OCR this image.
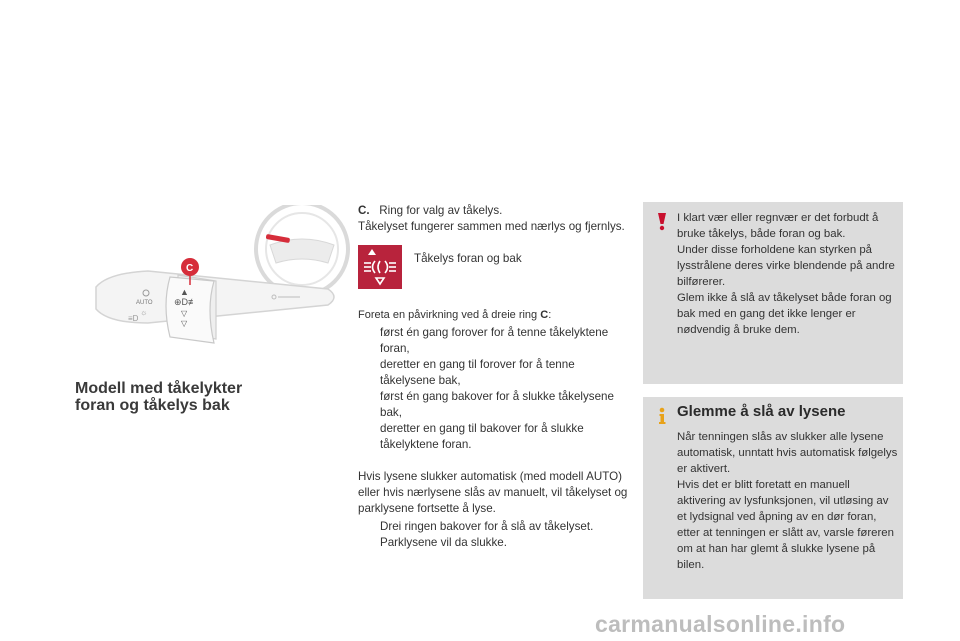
▲
⊕D≢
▽
▽
AUTO
☼
≡D
C
Modell med tåkelykter
foran og tåkelys bak

C. Ring for valg av tåkelys.

Tåkelyset fungerer sammen med nærlys og fjernlys.

Tåkelys foran og bak

Foreta en påvirkning ved å dreie ring C:

først én gang forover for å tenne tåkelyktene foran,
deretter en gang til forover for å tenne tåkelysene bak,
først én gang bakover for å slukke tåkelysene bak,
deretter en gang til bakover for å slukke tåkelyktene foran.

Hvis lysene slukker automatisk (med modell AUTO) eller hvis nærlysene slås av manuelt, vil tåkelyset og parklysene fortsette å lyse.

Drei ringen bakover for å slå av tåkelyset. Parklysene vil da slukke.
I klart vær eller regnvær er det forbudt å bruke tåkelys, både foran og bak.
Under disse forholdene kan styrken på lysstrålene deres virke blendende på andre bilførerer.
Glem ikke å slå av tåkelyset både foran og bak med en gang det ikke lenger er nødvendig å bruke dem.
Glemme å slå av lysene
Når tenningen slås av slukker alle lysene automatisk, unntatt hvis automatisk følgelys er aktivert.
Hvis det er blitt foretatt en manuell aktivering av lysfunksjonen, vil utløsing av et lydsignal ved åpning av en dør foran, etter at tenningen er slått av, varsle føreren om at han har glemt å slukke lysene på bilen.
carmanualsonline.info
